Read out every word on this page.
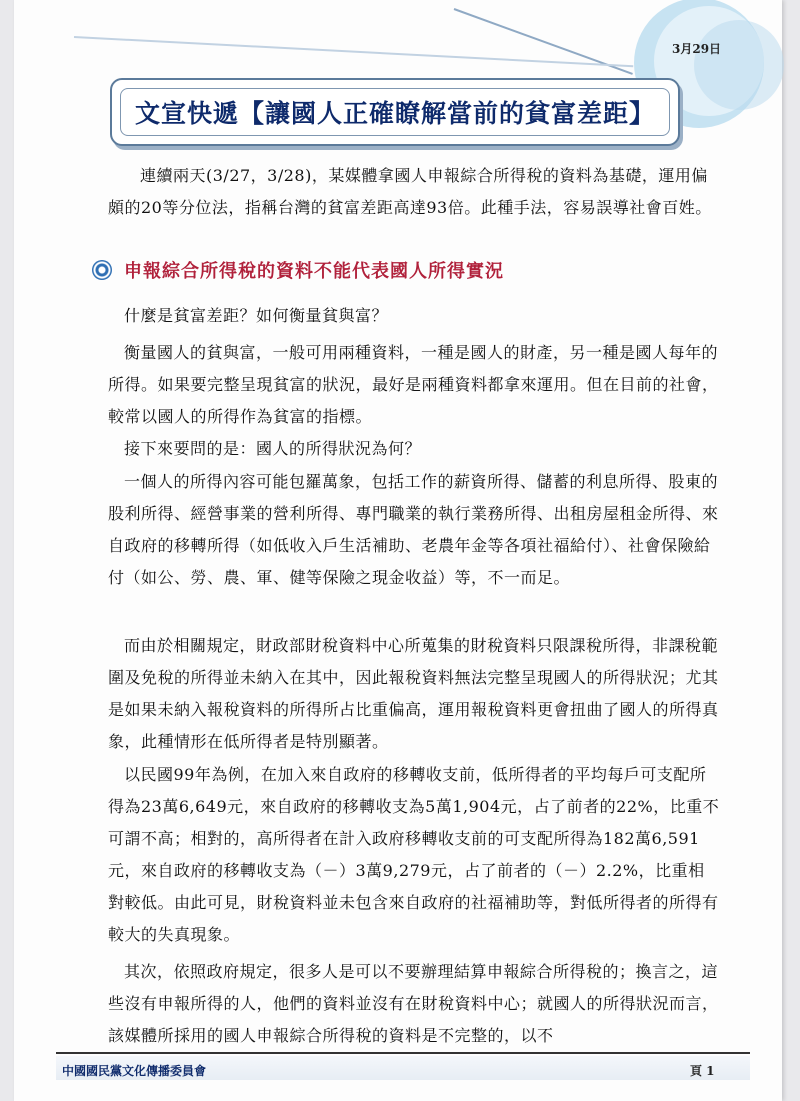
3月29日
文宣快遞【讓國人正確瞭解當前的貧富差距】

連續兩天(3/27，3/28)，某媒體拿國人申報綜合所得稅的資料為基礎，運用偏頗的20等分位法，指稱台灣的貧富差距高達93倍。此種手法，容易誤導社會百姓。

申報綜合所得稅的資料不能代表國人所得實況

什麼是貧富差距？如何衡量貧與富？

衡量國人的貧與富，一般可用兩種資料，一種是國人的財產，另一種是國人每年的所得。如果要完整呈現貧富的狀況，最好是兩種資料都拿來運用。但在目前的社會，較常以國人的所得作為貧富的指標。

接下來要問的是：國人的所得狀況為何？

一個人的所得內容可能包羅萬象，包括工作的薪資所得、儲蓄的利息所得、股東的股利所得、經營事業的營利所得、專門職業的執行業務所得、出租房屋租金所得、來自政府的移轉所得（如低收入戶生活補助、老農年金等各項社福給付）、社會保險給付（如公、勞、農、軍、健等保險之現金收益）等，不一而足。

而由於相關規定，財政部財稅資料中心所蒐集的財稅資料只限課稅所得，非課稅範圍及免稅的所得並未納入在其中，因此報稅資料無法完整呈現國人的所得狀況；尤其是如果未納入報稅資料的所得所占比重偏高，運用報稅資料更會扭曲了國人的所得真象，此種情形在低所得者是特別顯著。

以民國99年為例，在加入來自政府的移轉收支前，低所得者的平均每戶可支配所得為23萬6,649元，來自政府的移轉收支為5萬1,904元，占了前者的22%，比重不可謂不高；相對的，高所得者在計入政府移轉收支前的可支配所得為182萬6,591元，來自政府的移轉收支為（－）3萬9,279元，占了前者的（－）2.2%，比重相對較低。由此可見，財稅資料並未包含來自政府的社福補助等，對低所得者的所得有較大的失真現象。

其次，依照政府規定，很多人是可以不要辦理結算申報綜合所得稅的；換言之，這些沒有申報所得的人，他們的資料並沒有在財稅資料中心；就國人的所得狀況而言，該媒體所採用的國人申報綜合所得稅的資料是不完整的，以不

中國國民黨文化傳播委員會	頁 1
